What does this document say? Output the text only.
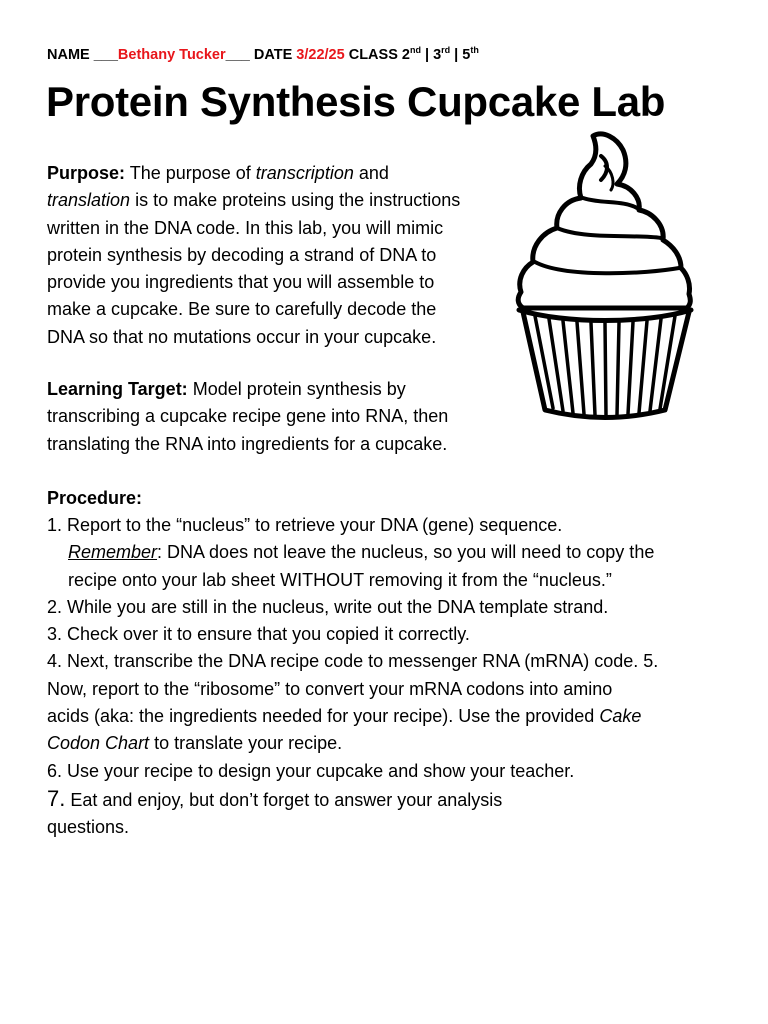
NAME ___Bethany Tucker___ DATE 3/22/25 CLASS 2nd | 3rd | 5th
Protein Synthesis Cupcake Lab
Purpose: The purpose of transcription and
translation is to make proteins using the instructions
written in the DNA code. In this lab, you will mimic
protein synthesis by decoding a strand of DNA to
provide you ingredients that you will assemble to
make a cupcake. Be sure to carefully decode the
DNA so that no mutations occur in your cupcake.
Learning Target: Model protein synthesis by
transcribing a cupcake recipe gene into RNA, then
translating the RNA into ingredients for a cupcake.
Procedure:
1. Report to the “nucleus” to retrieve your DNA (gene) sequence.
Remember: DNA does not leave the nucleus, so you will need to copy the
recipe onto your lab sheet WITHOUT removing it from the “nucleus.”
2. While you are still in the nucleus, write out the DNA template strand.
3. Check over it to ensure that you copied it correctly.
4. Next, transcribe the DNA recipe code to messenger RNA (mRNA) code. 5.
Now, report to the “ribosome” to convert your mRNA codons into amino
acids (aka: the ingredients needed for your recipe). Use the provided Cake
Codon Chart to translate your recipe.
6. Use your recipe to design your cupcake and show your teacher.
7. Eat and enjoy, but don’t forget to answer your analysis
questions.
